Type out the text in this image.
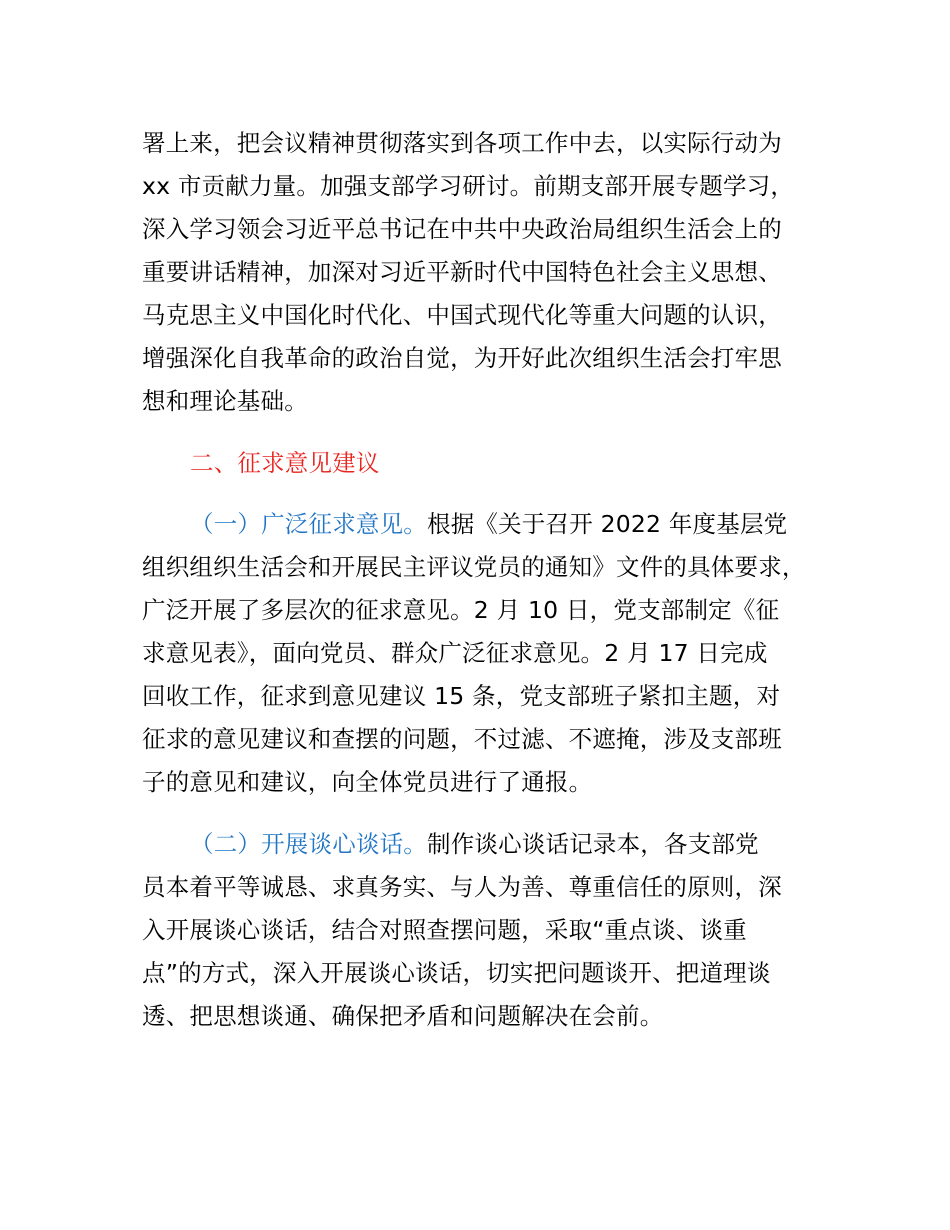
署上来，把会议精神贯彻落实到各项工作中去，以实际行动为
xx 市贡献力量。加强支部学习研讨。前期支部开展专题学习，
深入学习领会习近平总书记在中共中央政治局组织生活会上的
重要讲话精神，加深对习近平新时代中国特色社会主义思想、
马克思主义中国化时代化、中国式现代化等重大问题的认识，
增强深化自我革命的政治自觉，为开好此次组织生活会打牢思
想和理论基础。
二、征求意见建议
（一）广泛征求意见。根据《关于召开 2022 年度基层党
组织组织生活会和开展民主评议党员的通知》文件的具体要求，
广泛开展了多层次的征求意见。2 月 10 日，党支部制定《征
求意见表》，面向党员、群众广泛征求意见。2 月 17 日完成
回收工作，征求到意见建议 15 条，党支部班子紧扣主题，对
征求的意见建议和查摆的问题，不过滤、不遮掩，涉及支部班
子的意见和建议，向全体党员进行了通报。
（二）开展谈心谈话。制作谈心谈话记录本，各支部党
员本着平等诚恳、求真务实、与人为善、尊重信任的原则，深
入开展谈心谈话，结合对照查摆问题，采取“重点谈、谈重
点”的方式，深入开展谈心谈话，切实把问题谈开、把道理谈
透、把思想谈通、确保把矛盾和问题解决在会前。
